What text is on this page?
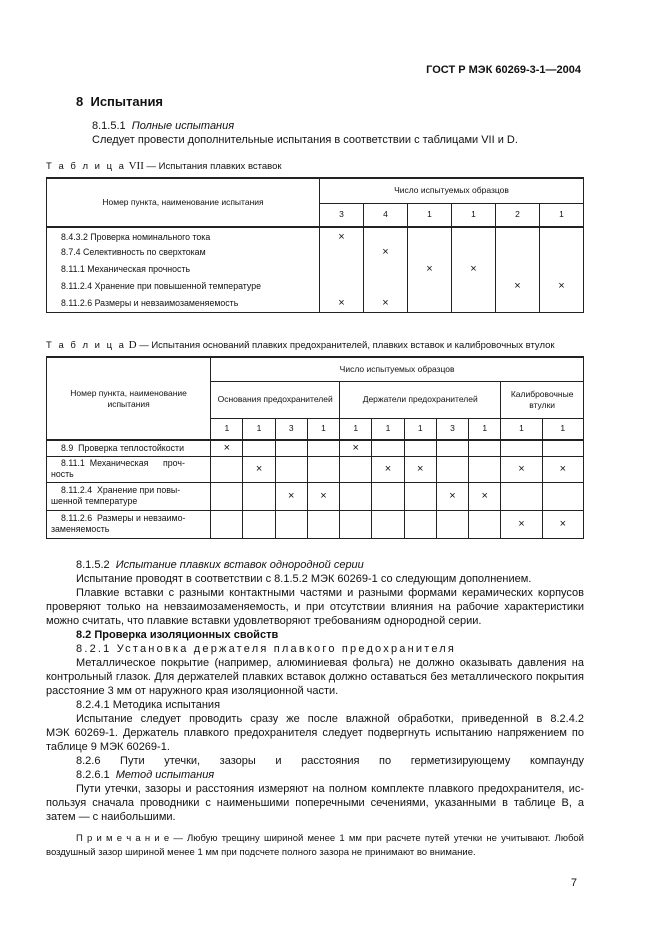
ГОСТ Р МЭК 60269-3-1—2004
8 Испытания
8.1.5.1 Полные испытания
Следует провести дополнительные испытания в соответствии с таблицами VII и D.
Т а б л и ц а VII — Испытания плавких вставок
Номер пункта, наименование испытания	Число испытуемых образцов					
	3	4	1	1	2	1
8.4.3.2 Проверка номинального тока	×					
8.7.4 Селективность по сверхтокам		×				
8.11.1 Механическая прочность			×	×		
8.11.2.4 Хранение при повышенной температуре					×	×
8.11.2.6 Размеры и невзаимозаменяемость	×	×				
Т а б л и ц а D — Испытания оснований плавких предохранителей, плавких вставок и калибровочных втулок
Номер пункта, наименование
испытания	Число испытуемых образцов										
	Основания предохранителей				Держатели предохранителей					Калибровочные
втулки	

	1	1	3	1	1	1	1	3	1	1	1

8.9  Проверка теплостойкости	×				×						

8.11.1  Механическая      проч-
ность		×				×	×			×	×

8.11.2.4  Хранение при повы-
шенной температуре			×	×				×	×		

8.11.2.6  Размеры и невзаимо-
заменяемость										×	×
8.1.5.2 Испытание плавких вставок однородной серии
Испытание проводят в соответствии с 8.1.5.2 МЭК 60269-1 со следующим дополнением.
Плавкие вставки с разными контактными частями и разными формами керамических корпусов
проверяют только на невзаимозаменяемость, и при отсутствии влияния на рабочие характеристики
можно считать, что плавкие вставки удовлетворяют требованиям однородной серии.
8.2 Проверка изоляционных свойств
8.2.1 Установка держателя плавкого предохранителя
Металлическое покрытие (например, алюминиевая фольга) не должно оказывать давления на
контрольный глазок. Для держателей плавких вставок должно оставаться без металлического покрытия
расстояние 3 мм от наружного края изоляционной части.
8.2.4.1 Методика испытания
Испытание следует проводить сразу же после влажной обработки, приведенной в 8.2.4.2
МЭК 60269-1. Держатель плавкого предохранителя следует подвергнуть испытанию напряжением по
таблице 9 МЭК 60269-1.
8.2.6 Пути утечки, зазоры и расстояния по герметизирующему компаунду
8.2.6.1 Метод испытания
Пути утечки, зазоры и расстояния измеряют на полном комплекте плавкого предохранителя, ис-
пользуя сначала проводники с наименьшими поперечными сечениями, указанными в таблице В, а
затем — с наибольшими.
П р и м е ч а н и е — Любую трещину шириной менее 1 мм при расчете путей утечки не учитывают. Любой
воздушный зазор шириной менее 1 мм при подсчете полного зазора не принимают во внимание.
7
